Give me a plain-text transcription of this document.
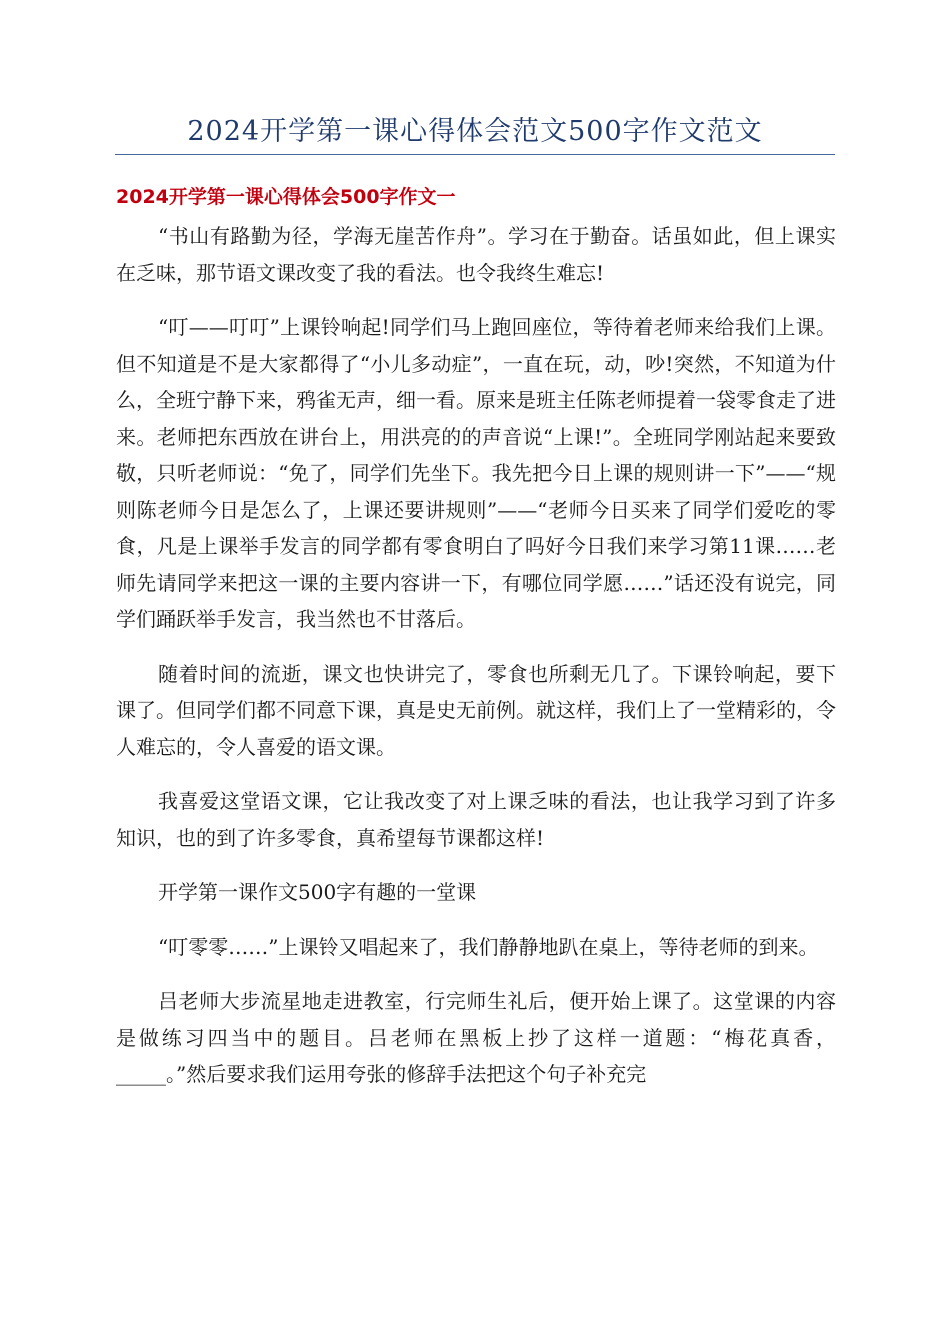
2024开学第一课心得体会范文500字作文范文
2024开学第一课心得体会500字作文一

“书山有路勤为径，学海无崖苦作舟”。学习在于勤奋。话虽如此，但上课实在乏味，那节语文课改变了我的看法。也令我终生难忘!

“叮——叮叮”上课铃响起!同学们马上跑回座位，等待着老师来给我们上课。但不知道是不是大家都得了“小儿多动症”，一直在玩，动，吵!突然，不知道为什么，全班宁静下来，鸦雀无声，细一看。原来是班主任陈老师提着一袋零食走了进来。老师把东西放在讲台上，用洪亮的的声音说“上课!”。全班同学刚站起来要致敬，只听老师说：“免了，同学们先坐下。我先把今日上课的规则讲一下”——“规则陈老师今日是怎么了，上课还要讲规则”——“老师今日买来了同学们爱吃的零食，凡是上课举手发言的同学都有零食明白了吗好今日我们来学习第11课……老师先请同学来把这一课的主要内容讲一下，有哪位同学愿……”话还没有说完，同学们踊跃举手发言，我当然也不甘落后。

随着时间的流逝，课文也快讲完了，零食也所剩无几了。下课铃响起，要下课了。但同学们都不同意下课，真是史无前例。就这样，我们上了一堂精彩的，令人难忘的，令人喜爱的语文课。

我喜爱这堂语文课，它让我改变了对上课乏味的看法，也让我学习到了许多知识，也的到了许多零食，真希望每节课都这样!

开学第一课作文500字有趣的一堂课

“叮零零……”上课铃又唱起来了，我们静静地趴在桌上，等待老师的到来。

吕老师大步流星地走进教室，行完师生礼后，便开始上课了。这堂课的内容是做练习四当中的题目。吕老师在黑板上抄了这样一道题：“梅花真香，_____。”然后要求我们运用夸张的修辞手法把这个句子补充完
